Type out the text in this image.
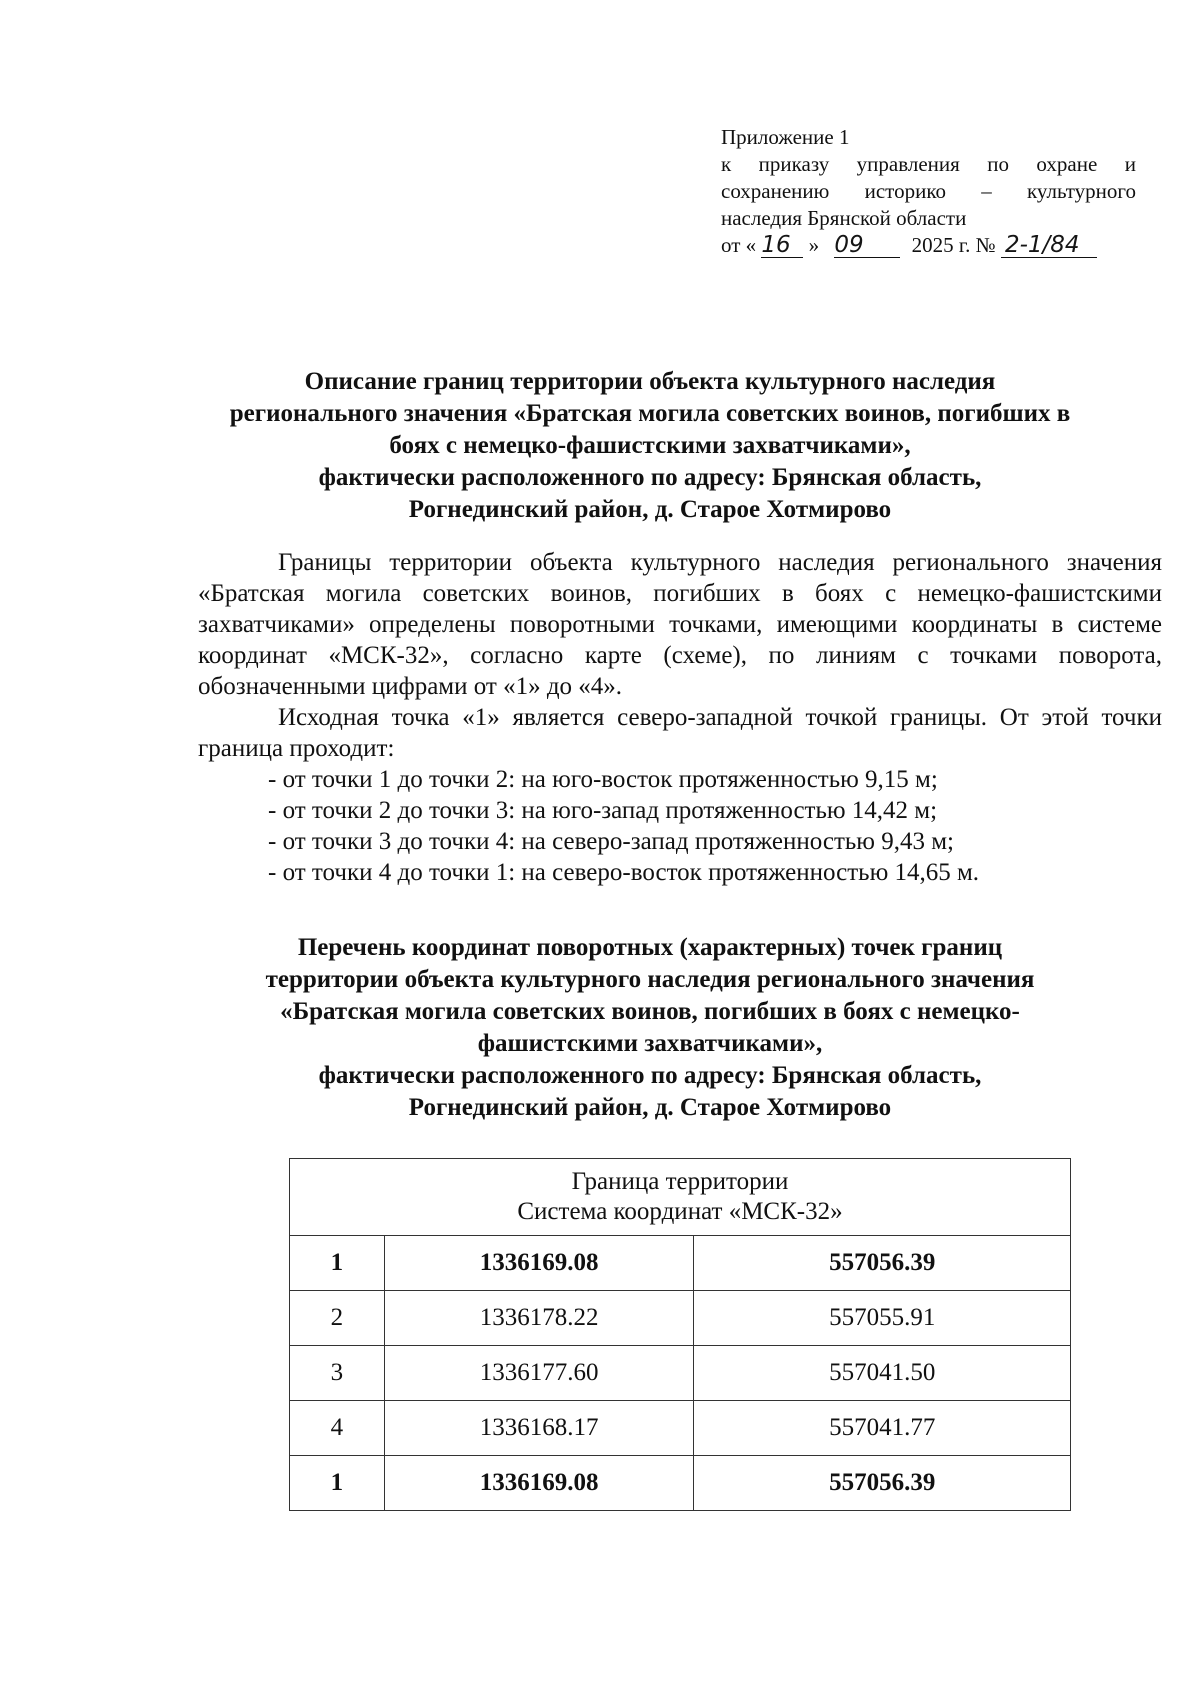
Приложение 1
к приказу управления по охране и
сохранению историко – культурного
наследия Брянской области
от « 16 » 09 2025 г. № 2-1/84
Описание границ территории объекта культурного наследия
регионального значения «Братская могила советских воинов, погибших в
боях с немецко-фашистскими захватчиками»,
фактически расположенного по адресу: Брянская область,
Рогнединский район, д. Старое Хотмирово

Границы территории объекта культурного наследия регионального значения «Братская могила советских воинов, погибших в боях с немецко-фашистскими захватчиками» определены поворотными точками, имеющими координаты в системе координат «МСК-32», согласно карте (схеме), по линиям с точками поворота, обозначенными цифрами от «1» до «4».

Исходная точка «1» является северо-западной точкой границы. От этой точки граница проходит:

- от точки 1 до точки 2: на юго-восток протяженностью 9,15 м;
- от точки 2 до точки 3: на юго-запад протяженностью 14,42 м;
- от точки 3 до точки 4: на северо-запад протяженностью 9,43 м;
- от точки 4 до точки 1: на северо-восток протяженностью 14,65 м.
Перечень координат поворотных (характерных) точек границ
территории объекта культурного наследия регионального значения
«Братская могила советских воинов, погибших в боях с немецко-
фашистскими захватчиками»,
фактически расположенного по адресу: Брянская область,
Рогнединский район, д. Старое Хотмирово
Граница территории
Система координат «МСК-32»		

1	1336169.08	557056.39
2	1336178.22	557055.91
3	1336177.60	557041.50
4	1336168.17	557041.77
1	1336169.08	557056.39
